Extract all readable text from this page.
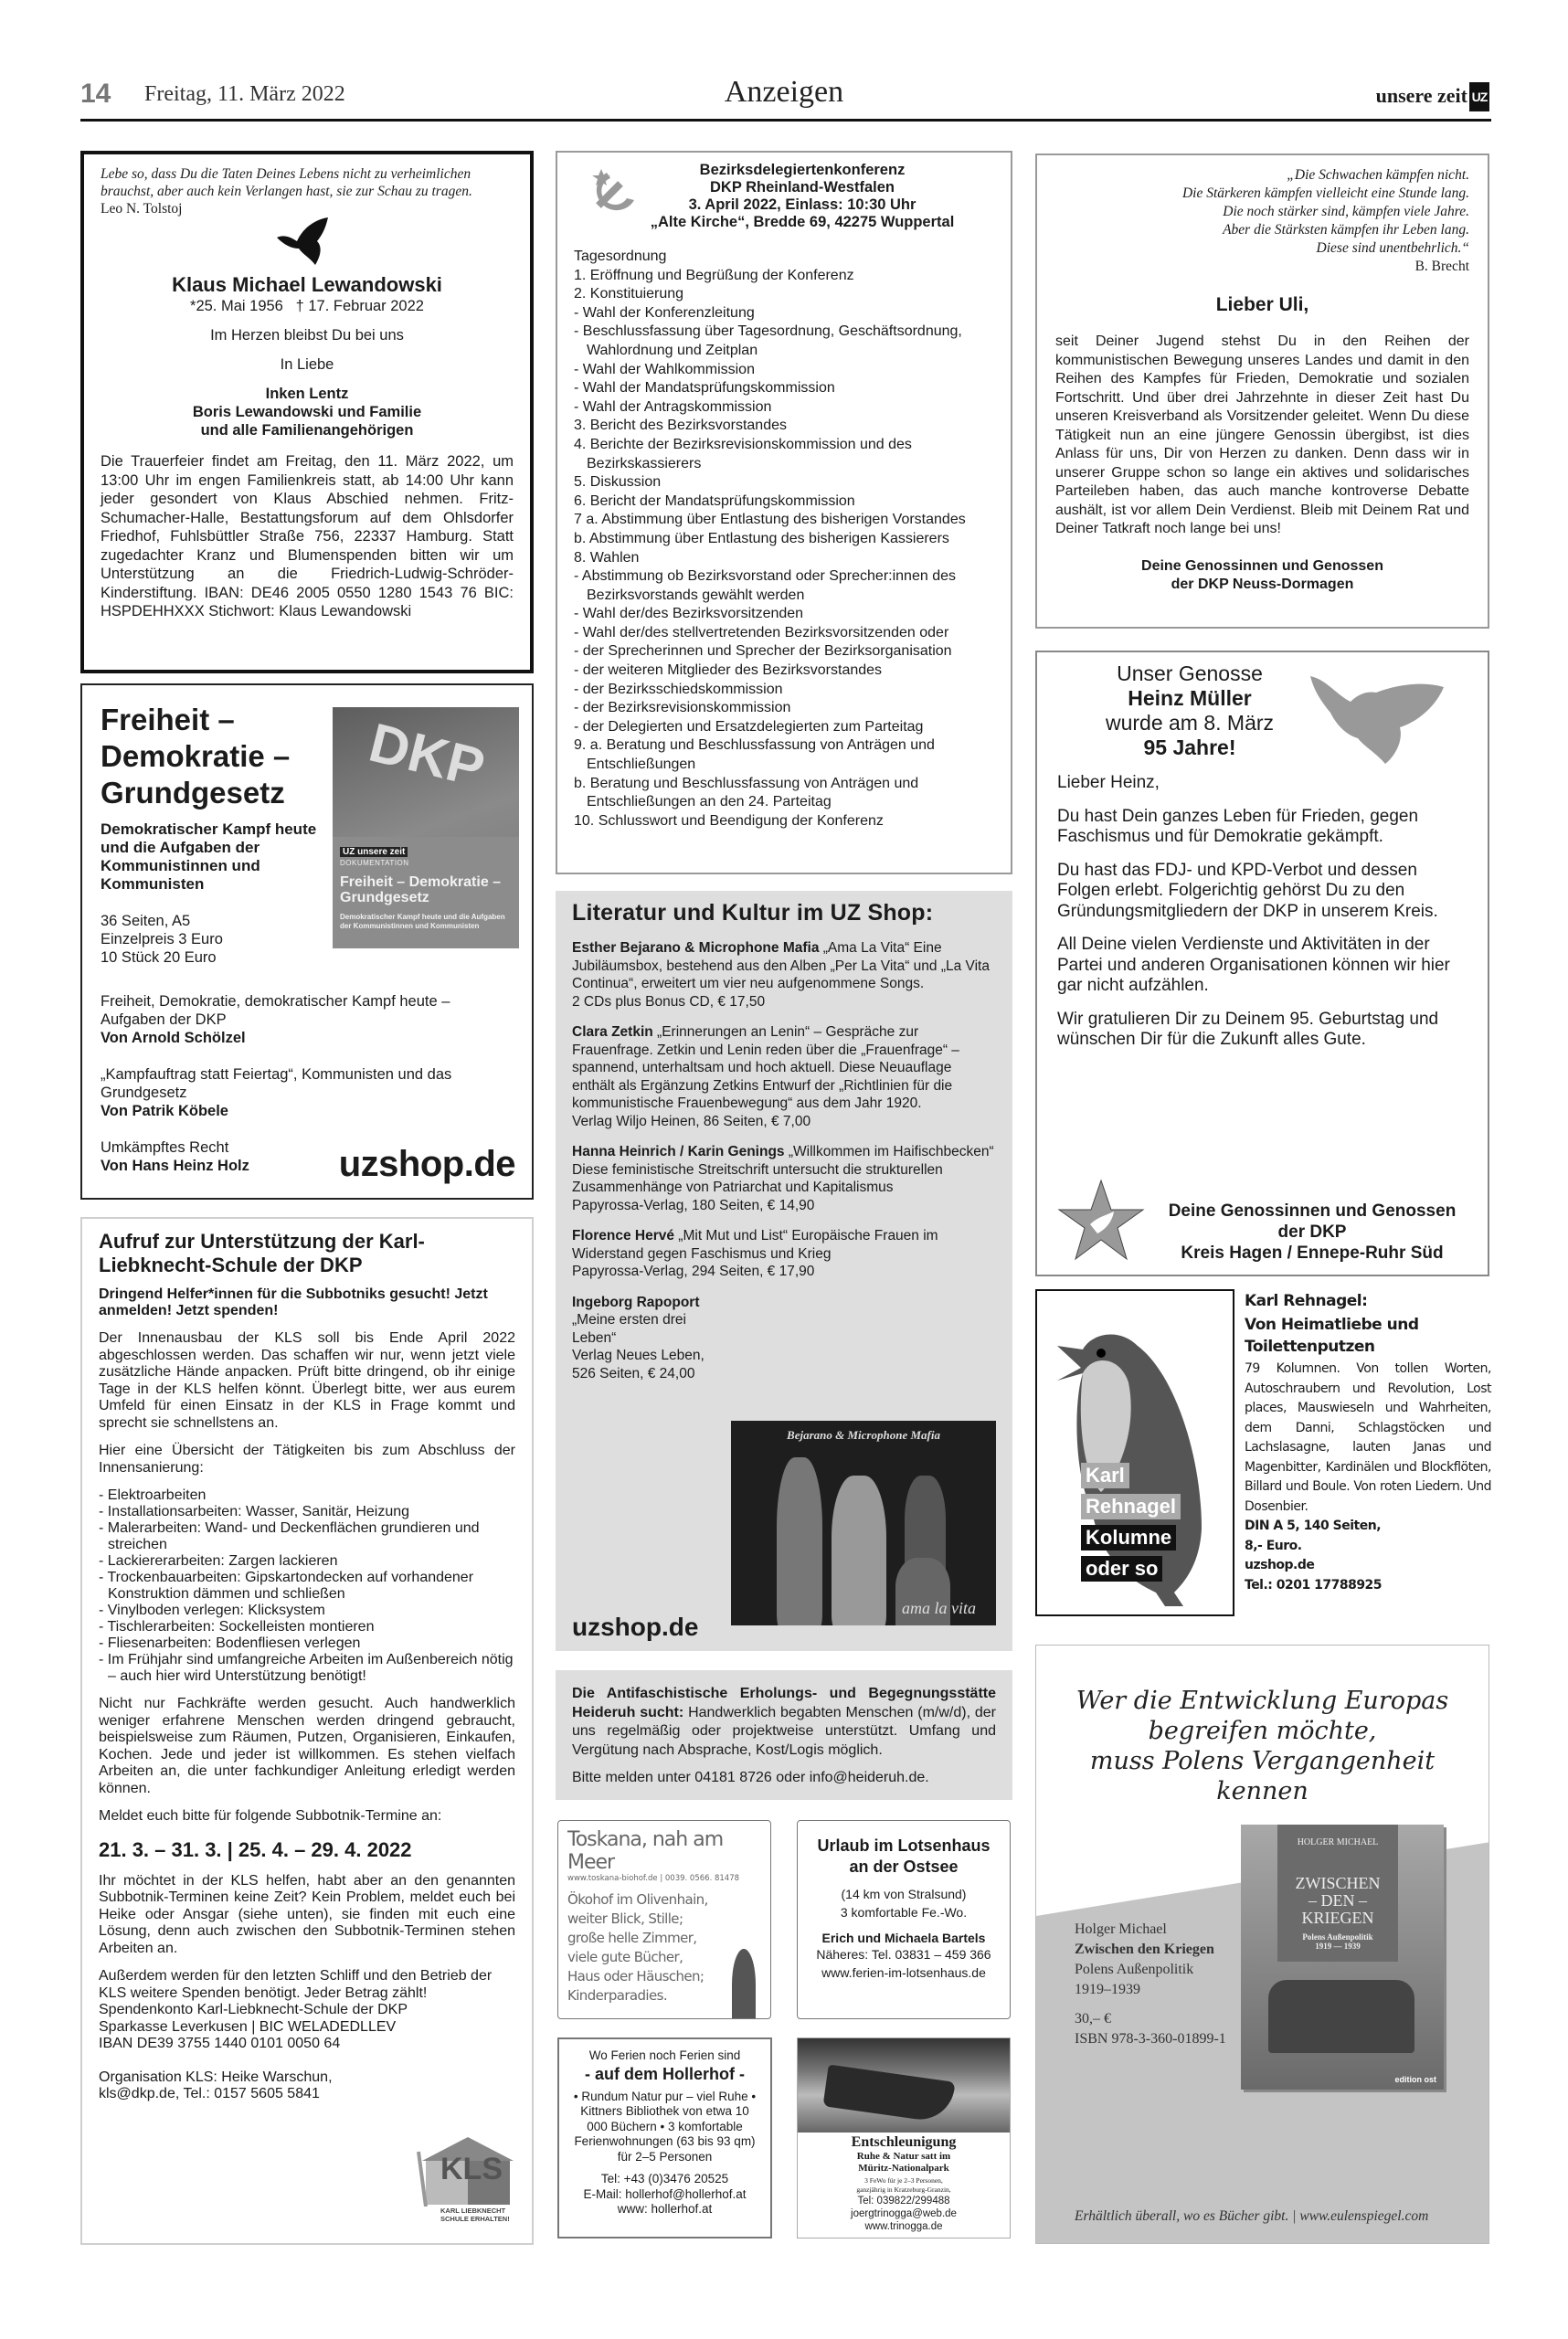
14 Freitag, 11. März 2022	Anzeigen	unsere zeit UZ

Lebe so, dass Du die Taten Deines Lebens nicht zu verheimlichen brauchst, aber auch kein Verlangen hast, sie zur Schau zu tragen.

Leo N. Tolstoj

Klaus Michael Lewandowski

*25. Mai 1956   † 17. Februar 2022

Im Herzen bleibst Du bei uns

In Liebe

Inken Lentz
Boris Lewandowski und Familie
und alle Familienangehörigen

Die Trauerfeier findet am Freitag, den 11. März 2022, um 13:00 Uhr im engen Familienkreis statt, ab 14:00 Uhr kann jeder gesondert von Klaus Abschied nehmen. Fritz-Schumacher-Halle, Bestattungsforum auf dem Ohlsdorfer Friedhof, Fuhlsbüttler Straße 756, 22337 Hamburg. Statt zugedachter Kranz und Blumenspenden bitten wir um Unterstützung an die Friedrich-Ludwig-Schröder-Kinderstiftung. IBAN: DE46 2005 0550 1280 1543 76 BIC: HSPDEHHXXX Stichwort: Klaus Lewandowski

Freiheit –
Demokratie –
Grundgesetz

Demokratischer Kampf heute und die Aufgaben der Kommunistinnen und Kommunisten

36 Seiten, A5
Einzelpreis 3 Euro
10 Stück 20 Euro
DKP
UZ unsere zeit
DOKUMENTATION
Freiheit – Demokratie – Grundgesetz
Demokratischer Kampf heute und die Aufgaben der Kommunistinnen und Kommunisten

Freiheit, Demokratie, demokratischer Kampf heute – Aufgaben der DKP

Von Arnold Schölzel

„Kampfauftrag statt Feiertag“, Kommunisten und das Grundgesetz

Von Patrik Köbele

Umkämpftes Recht

Von Hans Heinz Holz	uzshop.de
Aufruf zur Unterstützung der Karl-Liebknecht-Schule der DKP

Dringend Helfer*innen für die Subbotniks gesucht! Jetzt anmelden! Jetzt spenden!

Der Innenausbau der KLS soll bis Ende April 2022 abgeschlossen werden. Das schaffen wir nur, wenn jetzt viele zusätzliche Hände anpacken. Prüft bitte dringend, ob ihr einige Tage in der KLS helfen könnt. Überlegt bitte, wer aus eurem Umfeld für einen Einsatz in der KLS in Frage kommt und sprecht sie schnellstens an.

Hier eine Übersicht der Tätigkeiten bis zum Abschluss der Innensanierung:

- Elektroarbeiten
- Installationsarbeiten: Wasser, Sanitär, Heizung
- Malerarbeiten: Wand- und Deckenflächen grundieren und streichen
- Lackiererarbeiten: Zargen lackieren
- Trockenbauarbeiten: Gipskartondecken auf vorhandener Konstruktion dämmen und schließen
- Vinylboden verlegen: Klicksystem
- Tischlerarbeiten: Sockelleisten montieren
- Fliesenarbeiten: Bodenfliesen verlegen
- Im Frühjahr sind umfangreiche Arbeiten im Außenbereich nötig – auch hier wird Unterstützung benötigt!

Nicht nur Fachkräfte werden gesucht. Auch handwerklich weniger erfahrene Menschen werden dringend gebraucht, beispielsweise zum Räumen, Putzen, Organisieren, Einkaufen, Kochen. Jede und jeder ist willkommen. Es stehen vielfach Arbeiten an, die unter fachkundiger Anleitung erledigt werden können.

Meldet euch bitte für folgende Subbotnik-Termine an:

21. 3. – 31. 3. | 25. 4. – 29. 4. 2022

Ihr möchtet in der KLS helfen, habt aber an den genannten Subbotnik-Terminen keine Zeit? Kein Problem, meldet euch bei Heike oder Ansgar (siehe unten), sie finden mit euch eine Lösung, denn auch zwischen den Subbotnik-Terminen stehen Arbeiten an.

Außerdem werden für den letzten Schliff und den Betrieb der KLS weitere Spenden benötigt. Jeder Betrag zählt!
Spendenkonto Karl-Liebknecht-Schule der DKP
Sparkasse Leverkusen | BIC WELADEDLLEV
IBAN DE39 3755 1440 0101 0050 64
Organisation KLS: Heike Warschun,
kls@dkp.de, Tel.: 0157 5605 5841
KLS
KARL LIEBKNECHT SCHULE ERHALTEN!
Bezirksdelegiertenkonferenz
DKP Rheinland-Westfalen
3. April 2022, Einlass: 10:30 Uhr
„Alte Kirche“, Bredde 69, 42275 Wuppertal
Tagesordnung
1. Eröffnung und Begrüßung der Konferenz
2. Konstituierung
- Wahl der Konferenzleitung
- Beschlussfassung über Tagesordnung, Geschäftsordnung, Wahlordnung und Zeitplan
- Wahl der Wahlkommission
- Wahl der Mandatsprüfungskommission
- Wahl der Antragskommission
3. Bericht des Bezirksvorstandes
4. Berichte der Bezirksrevisionskommission und des Bezirkskassierers
5. Diskussion
6. Bericht der Mandatsprüfungskommission
7 a. Abstimmung über Entlastung des bisherigen Vorstandes
b. Abstimmung über Entlastung des bisherigen Kassierers
8. Wahlen
- Abstimmung ob Bezirksvorstand oder Sprecher:innen des Bezirksvorstands gewählt werden
- Wahl der/des Bezirksvorsitzenden
- Wahl der/des stellvertretenden Bezirksvorsitzenden oder
- der Sprecherinnen und Sprecher der Bezirksorganisation
- der weiteren Mitglieder des Bezirksvorstandes
- der Bezirksschiedskommission
- der Bezirksrevisionskommission
- der Delegierten und Ersatzdelegierten zum Parteitag
9. a. Beratung und Beschlussfassung von Anträgen und Entschließungen
b. Beratung und Beschlussfassung von Anträgen und Entschließungen an den 24. Parteitag
10. Schlusswort und Beendigung der Konferenz
Literatur und Kultur im UZ Shop:
Esther Bejarano & Microphone Mafia „Ama La Vita“ Eine Jubiläumsbox, bestehend aus den Alben „Per La Vita“ und „La Vita Continua“, erweitert um vier neu aufgenommene Songs.
2 CDs plus Bonus CD, € 17,50
Clara Zetkin „Erinnerungen an Lenin“ – Gespräche zur Frauenfrage. Zetkin und Lenin reden über die „Frauenfrage“ – spannend, unterhaltsam und hoch aktuell. Diese Neuauflage enthält als Ergänzung Zetkins Entwurf der „Richtlinien für die kommunistische Frauenbewegung“ aus dem Jahr 1920.
Verlag Wiljo Heinen, 86 Seiten, € 7,00
Hanna Heinrich / Karin Genings „Willkommen im Haifischbecken“ Diese feministische Streitschrift untersucht die strukturellen Zusammenhänge von Patriarchat und Kapitalismus
Papyrossa-Verlag, 180 Seiten, € 14,90
Florence Hervé „Mit Mut und List“ Europäische Frauen im Widerstand gegen Faschismus und Krieg
Papyrossa-Verlag, 294 Seiten, € 17,90
Ingeborg Rapoport „Meine ersten drei Leben“
Verlag Neues Leben, 526 Seiten, € 24,00
Bejarano & Microphone Mafia
ama la vita
uzshop.de

Die Antifaschistische Erholungs- und Begegnungsstätte Heideruh sucht: Handwerklich begabten Menschen (m/w/d), der uns regelmäßig oder projektweise unterstützt. Umfang und Vergütung nach Absprache, Kost/Logis möglich.

Bitte melden unter 04181 8726 oder info@heideruh.de.

Toskana, nah am Meer
www.toskana-biohof.de | 0039. 0566. 81478
Ökohof im Olivenhain,
weiter Blick, Stille;
große helle Zimmer,
viele gute Bücher,
Haus oder Häuschen;
Kinderparadies.
Urlaub im Lotsenhaus an der Ostsee
(14 km von Stralsund)
3 komfortable Fe.-Wo.
Erich und Michaela Bartels
Näheres: Tel. 03831 – 459 366
www.ferien-im-lotsenhaus.de
Wo Ferien noch Ferien sind
- auf dem Hollerhof -
• Rundum Natur pur – viel Ruhe • Kittners Bibliothek von etwa 10 000 Büchern • 3 komfortable Ferienwohnungen (63 bis 93 qm) für 2–5 Personen
Tel: +43 (0)3476 20525
E-Mail: hollerhof@hollerhof.at
www: hollerhof.at
Entschleunigung
Ruhe & Natur satt im
Müritz-Nationalpark
3 FeWo für je 2–3 Personen,
ganzjährig in Kratzeburg-Granzin,
Tel: 039822/299488
joergtrinogga@web.de
www.trinogga.de
„Die Schwachen kämpfen nicht.
Die Stärkeren kämpfen vielleicht eine Stunde lang.
Die noch stärker sind, kämpfen viele Jahre.
Aber die Stärksten kämpfen ihr Leben lang.
Diese sind unentbehrlich.“
B. Brecht
Lieber Uli,

seit Deiner Jugend stehst Du in den Reihen der kommunistischen Bewegung unseres Landes und damit in den Reihen des Kampfes für Frieden, Demokratie und sozialen Fortschritt. Und über drei Jahrzehnte in dieser Zeit hast Du unseren Kreisverband als Vorsitzender geleitet. Wenn Du diese Tätigkeit nun an eine jüngere Genossin übergibst, ist dies Anlass für uns, Dir von Herzen zu danken. Denn dass wir in unserer Gruppe schon so lange ein aktives und solidarisches Parteileben haben, das auch manche kontroverse Debatte aushält, ist vor allem Dein Verdienst. Bleib mit Deinem Rat und Deiner Tatkraft noch lange bei uns!

Deine Genossinnen und Genossen
der DKP Neuss-Dormagen
Unser Genosse
Heinz Müller
wurde am 8. März
95 Jahre!
Lieber Heinz,
Du hast Dein ganzes Leben für Frieden, gegen Faschismus und für Demokratie gekämpft.
Du hast das FDJ- und KPD-Verbot und dessen Folgen erlebt. Folgerichtig gehörst Du zu den Gründungsmitgliedern der DKP in unserem Kreis.
All Deine vielen Verdienste und Aktivitäten in der Partei und anderen Organisationen können wir hier gar nicht aufzählen.
Wir gratulieren Dir zu Deinem 95. Geburtstag und wünschen Dir für die Zukunft alles Gute.
Deine Genossinnen und Genossen
der DKP
Kreis Hagen / Ennepe-Ruhr Süd
Karl
Rehnagel
Kolumne
oder so
Karl Rehnagel:
Von Heimatliebe und Toilettenputzen

79 Kolumnen. Von tollen Worten, Autoschraubern und Revolution, Lost places, Mauswieseln und Wahrheiten, dem Danni, Schlagstöcken und Lachslasagne, lauten Janas und Magenbitter, Kardinälen und Blockflöten, Billard und Boule. Von roten Liedern. Und Dosenbier.

DIN A 5, 140 Seiten,
8,- Euro.
uzshop.de
Tel.: 0201 17788925
Wer die Entwicklung Europas
begreifen möchte,
muss Polens Vergangenheit
kennen
Holger Michael
Zwischen den Kriegen
Polens Außenpolitik
1919–1939
30,– €
ISBN 978-3-360-01899-1
HOLGER MICHAEL
ZWISCHEN
– DEN –
KRIEGEN
Polens Außenpolitik
1919 — 1939
edition ost
Erhältlich überall, wo es Bücher gibt. | www.eulenspiegel.com
